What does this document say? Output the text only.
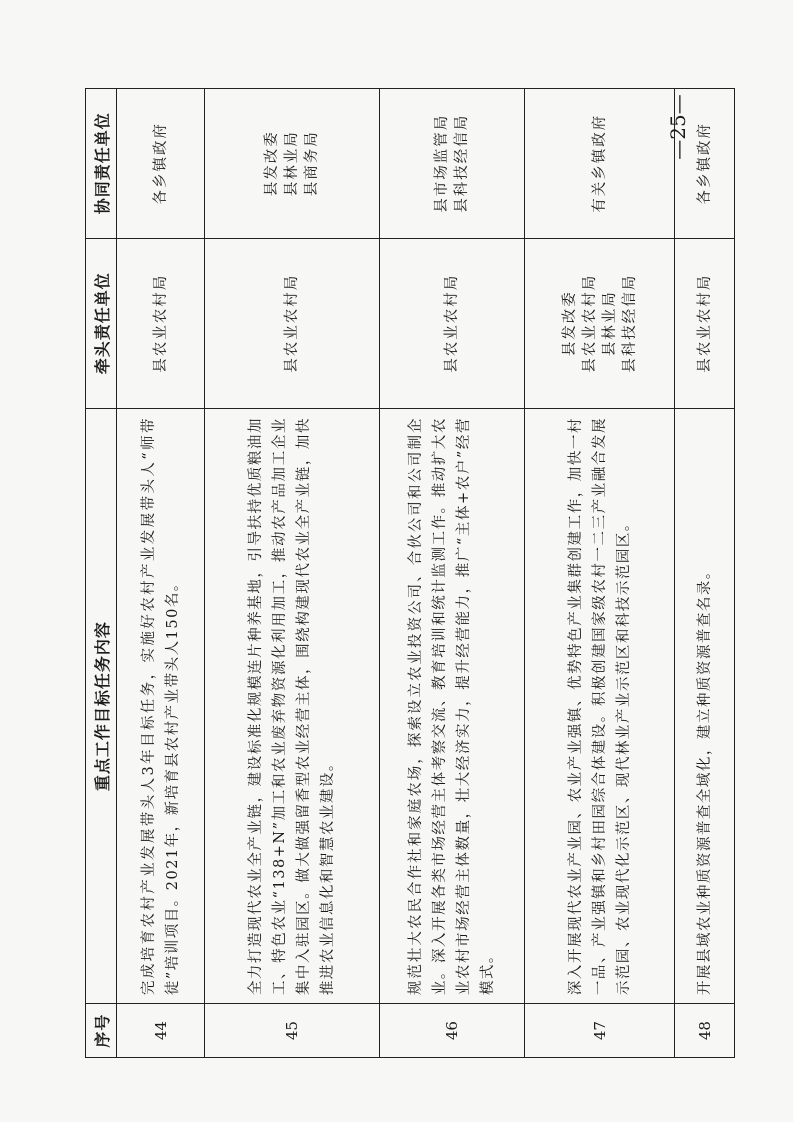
序号	重点工作目标任务内容	牵头责任单位	协同责任单位
44	完成培育农村产业发展带头人3年目标任务，实施好农村产业发展带头人“师带徒”培训项目。2021年，新培育县农村产业带头人150名。	县农业农村局	各乡镇政府

45	全力打造现代农业全产业链，建设标准化规模连片种养基地，引导扶持优质粮油加工、特色农业“138+N”加工和农业废弃物资源化利用加工，推动农产品加工企业集中入驻园区。做大做强留香型农业经营主体，围绕构建现代农业全产业链，加快推进农业信息化和智慧农业建设。	县农业农村局	县发改委 县林业局 县商务局

46	规范壮大农民合作社和家庭农场，探索设立农业投资公司、合伙公司和公司制企业。深入开展各类市场经营主体考察交流、教育培训和统计监测工作。推动扩大农业农村市场经营主体数量，壮大经济实力，提升经营能力，推广“主体+农户”经营模式。	县农业农村局	县市场监管局 县科技经信局

47	深入开展现代农业产业园、农业产业强镇、优势特色产业集群创建工作，加快一村一品、产业强镇和乡村田园综合体建设。积极创建国家级农村一二三产业融合发展示范园、农业现代化示范区、现代林业产业示范区和科技示范园区。	县发改委 县农业农村局 县林业局 县科技经信局	有关乡镇政府

48	开展县域农业种质资源普查全域化，建立种质资源普查名录。	县农业农村局	各乡镇政府
—25—
